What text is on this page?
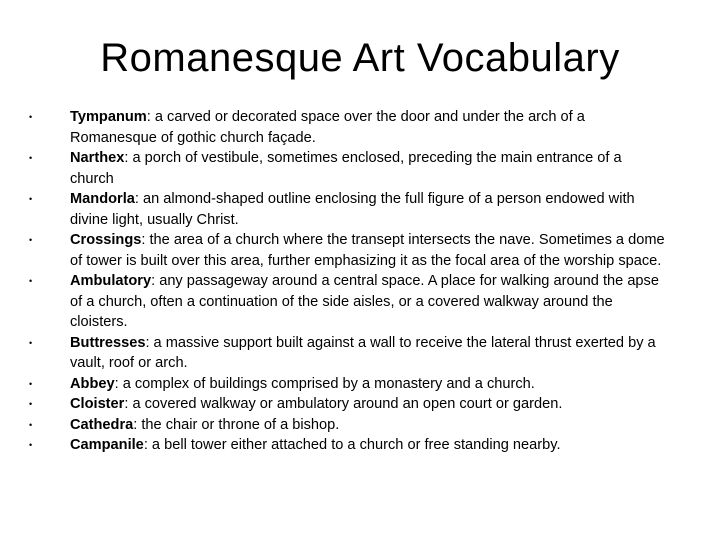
Romanesque Art Vocabulary
•	Tympanum: a carved or decorated space over the door and under the arch of a Romanesque of gothic church façade.
•	Narthex: a porch of vestibule, sometimes enclosed, preceding the main entrance of a church
•	Mandorla: an almond-shaped outline enclosing the full figure of a person endowed with divine light, usually Christ.
•	Crossings: the area of a church where the transept intersects the nave. Sometimes a dome of tower is built over this area, further emphasizing it as the focal area of the worship space.
•	Ambulatory: any passageway around a central space. A place for walking around the apse of a church, often a continuation of the side aisles, or a covered walkway around the cloisters.
•	Buttresses: a massive support built against a wall to receive the lateral thrust exerted by a vault, roof or arch.
•	Abbey: a complex of buildings comprised by a monastery and a church.
•	Cloister: a covered walkway or ambulatory around an open court or garden.
•	Cathedra: the chair or throne of a bishop.
•	Campanile: a bell tower either attached to a church or free standing nearby.
